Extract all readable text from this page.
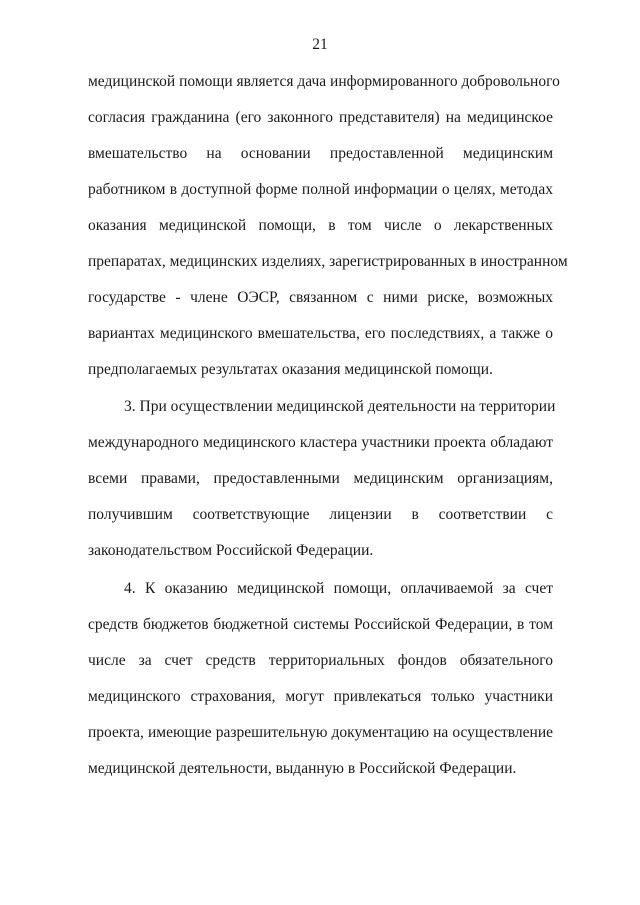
21
медицинской помощи является дача информированного добровольного
согласия гражданина (его законного представителя) на медицинское
вмешательство на основании предоставленной медицинским
работником в доступной форме полной информации о целях, методах
оказания медицинской помощи, в том числе о лекарственных
препаратах, медицинских изделиях, зарегистрированных в иностранном
государстве - члене ОЭСР, связанном с ними риске, возможных
вариантах медицинского вмешательства, его последствиях, а также о
предполагаемых результатах оказания медицинской помощи.
3. При осуществлении медицинской деятельности на территории
международного медицинского кластера участники проекта обладают
всеми правами, предоставленными медицинским организациям,
получившим соответствующие лицензии в соответствии с
законодательством Российской Федерации.
4. К оказанию медицинской помощи, оплачиваемой за счет
средств бюджетов бюджетной системы Российской Федерации, в том
числе за счет средств территориальных фондов обязательного
медицинского страхования, могут привлекаться только участники
проекта, имеющие разрешительную документацию на осуществление
медицинской деятельности, выданную в Российской Федерации.
